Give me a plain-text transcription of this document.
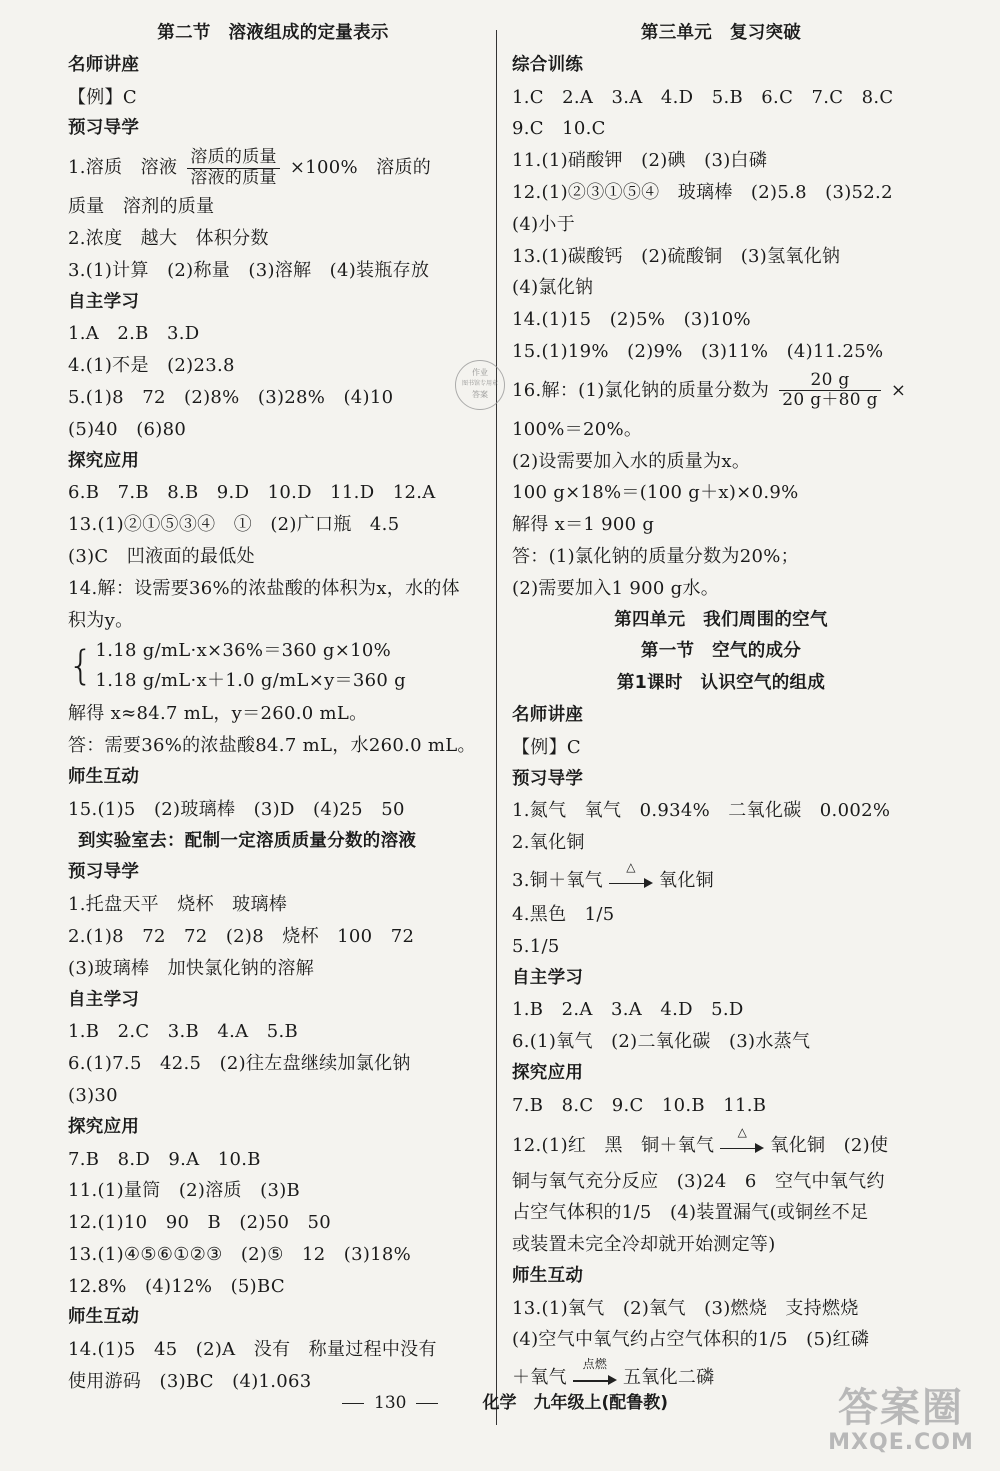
第二节　溶液组成的定量表示
名师讲座
【例】C
预习导学
1.溶质　溶液 $\frac{\text{溶质的质量}}{\text{溶液的质量}} \times 100\%$　溶质的
质量　溶剂的质量
2.浓度　越大　体积分数
3.(1)计算　(2)称量　(3)溶解　(4)装瓶存放
自主学习
1.A　2.B　3.D
4.(1)不是　(2)23.8
5.(1)8　72　(2)8%　(3)28%　(4)10
(5)40　(6)80
探究应用
6.B　7.B　8.B　9.D　10.D　11.D　12.A
13.(1)②①⑤③④　①　(2)广口瓶　4.5
(3)C　凹液面的最低处
14.解：设需要36%的浓盐酸的体积为x，水的体
积为y。
{ 1.18 g/mL·x×36%＝360 g×10%
1.18 g/mL·x＋1.0 g/mL×y＝360 g
解得 x≈84.7 mL，y＝260.0 mL。
答：需要36%的浓盐酸84.7 mL，水260.0 mL。
师生互动
15.(1)5　(2)玻璃棒　(3)D　(4)25　50
到实验室去：配制一定溶质质量分数的溶液
预习导学
1.托盘天平　烧杯　玻璃棒
2.(1)8　72　72　(2)8　烧杯　100　72
(3)玻璃棒　加快氯化钠的溶解
自主学习
1.B　2.C　3.B　4.A　5.B
6.(1)7.5　42.5　(2)往左盘继续加氯化钠
(3)30
探究应用
7.B　8.D　9.A　10.B
11.(1)量筒　(2)溶质　(3)B
12.(1)10　90　B　(2)50　50
13.(1)④⑤⑥①②③　(2)⑤　12　(3)18%
12.8%　(4)12%　(5)BC
师生互动
14.(1)5　45　(2)A　没有　称量过程中没有
使用游码　(3)BC　(4)1.063
第三单元　复习突破
综合训练
1.C　2.A　3.A　4.D　5.B　6.C　7.C　8.C
9.C　10.C
11.(1)硝酸钾　(2)碘　(3)白磷
12.(1)②③①⑤④　玻璃棒　(2)5.8　(3)52.2
(4)小于
13.(1)碳酸钙　(2)硫酸铜　(3)氢氧化钠
(4)氯化钠
14.(1)15　(2)5%　(3)10%
15.(1)19%　(2)9%　(3)11%　(4)11.25%
16.解：(1)氯化钠的质量分数为 $\frac{20 g}{20 g+80 g}$ ×
100%＝20%。
(2)设需要加入水的质量为x。
100 g×18%＝(100 g＋x)×0.9%
解得 x＝1 900 g
答：(1)氯化钠的质量分数为20%；
(2)需要加入1 900 g水。
第四单元　我们周围的空气
第一节　空气的成分
第1课时　认识空气的组成
名师讲座
【例】C
预习导学
1.氮气　氧气　0.934%　二氧化碳　0.002%
2.氧化铜
3.铜＋氧气
△
氧化铜
4.黑色　1/5
5.1/5
自主学习
1.B　2.A　3.A　4.D　5.D
6.(1)氧气　(2)二氧化碳　(3)水蒸气
探究应用
7.B　8.C　9.C　10.B　11.B
12.(1)红　黑　铜＋氧气
△
氧化铜　(2)使
铜与氧气充分反应　(3)24　6　空气中氧气约
占空气体积的1/5　(4)装置漏气(或铜丝不足
或装置未完全冷却就开始测定等)
师生互动
13.(1)氧气　(2)氧气　(3)燃烧　支持燃烧
(4)空气中氧气约占空气体积的1/5　(5)红磷
＋氧气
点燃
五氧化二磷
作业
图书馆专用章
答案
130	化学　九年级上(配鲁教)	答案圈
MXQE.COM
